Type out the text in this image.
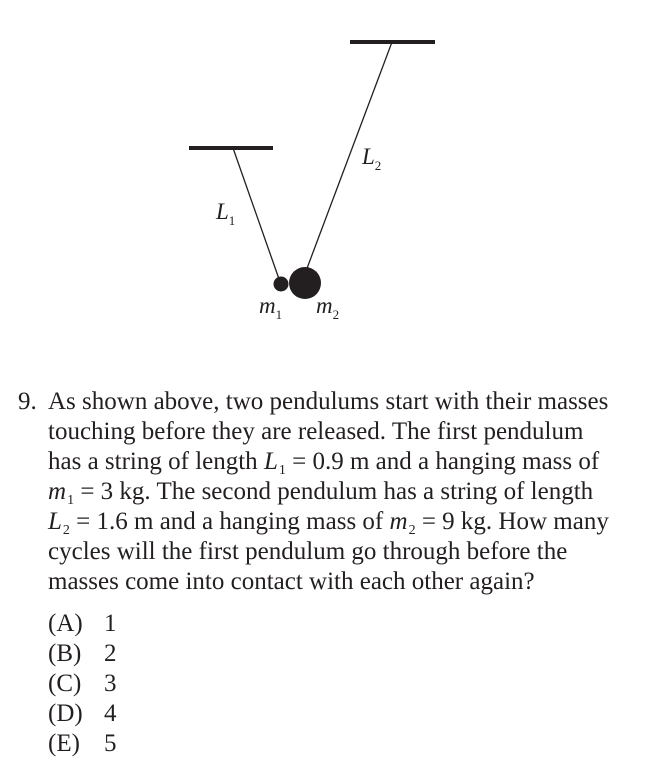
$L_1$
$L_2$
$m_1$ $m_2$
9. As shown above, two pendulums start with their masses
touching before they are released. The first pendulum
has a string of length $L_1 = 0.9$ m and a hanging mass of
$m_1 = 3$ kg. The second pendulum has a string of length
$L_2 = 1.6$ m and a hanging mass of $m_2 = 9$ kg. How many
cycles will the first pendulum go through before the
masses come into contact with each other again?
(A) 1
(B) 2
(C) 3
(D) 4
(E) 5
